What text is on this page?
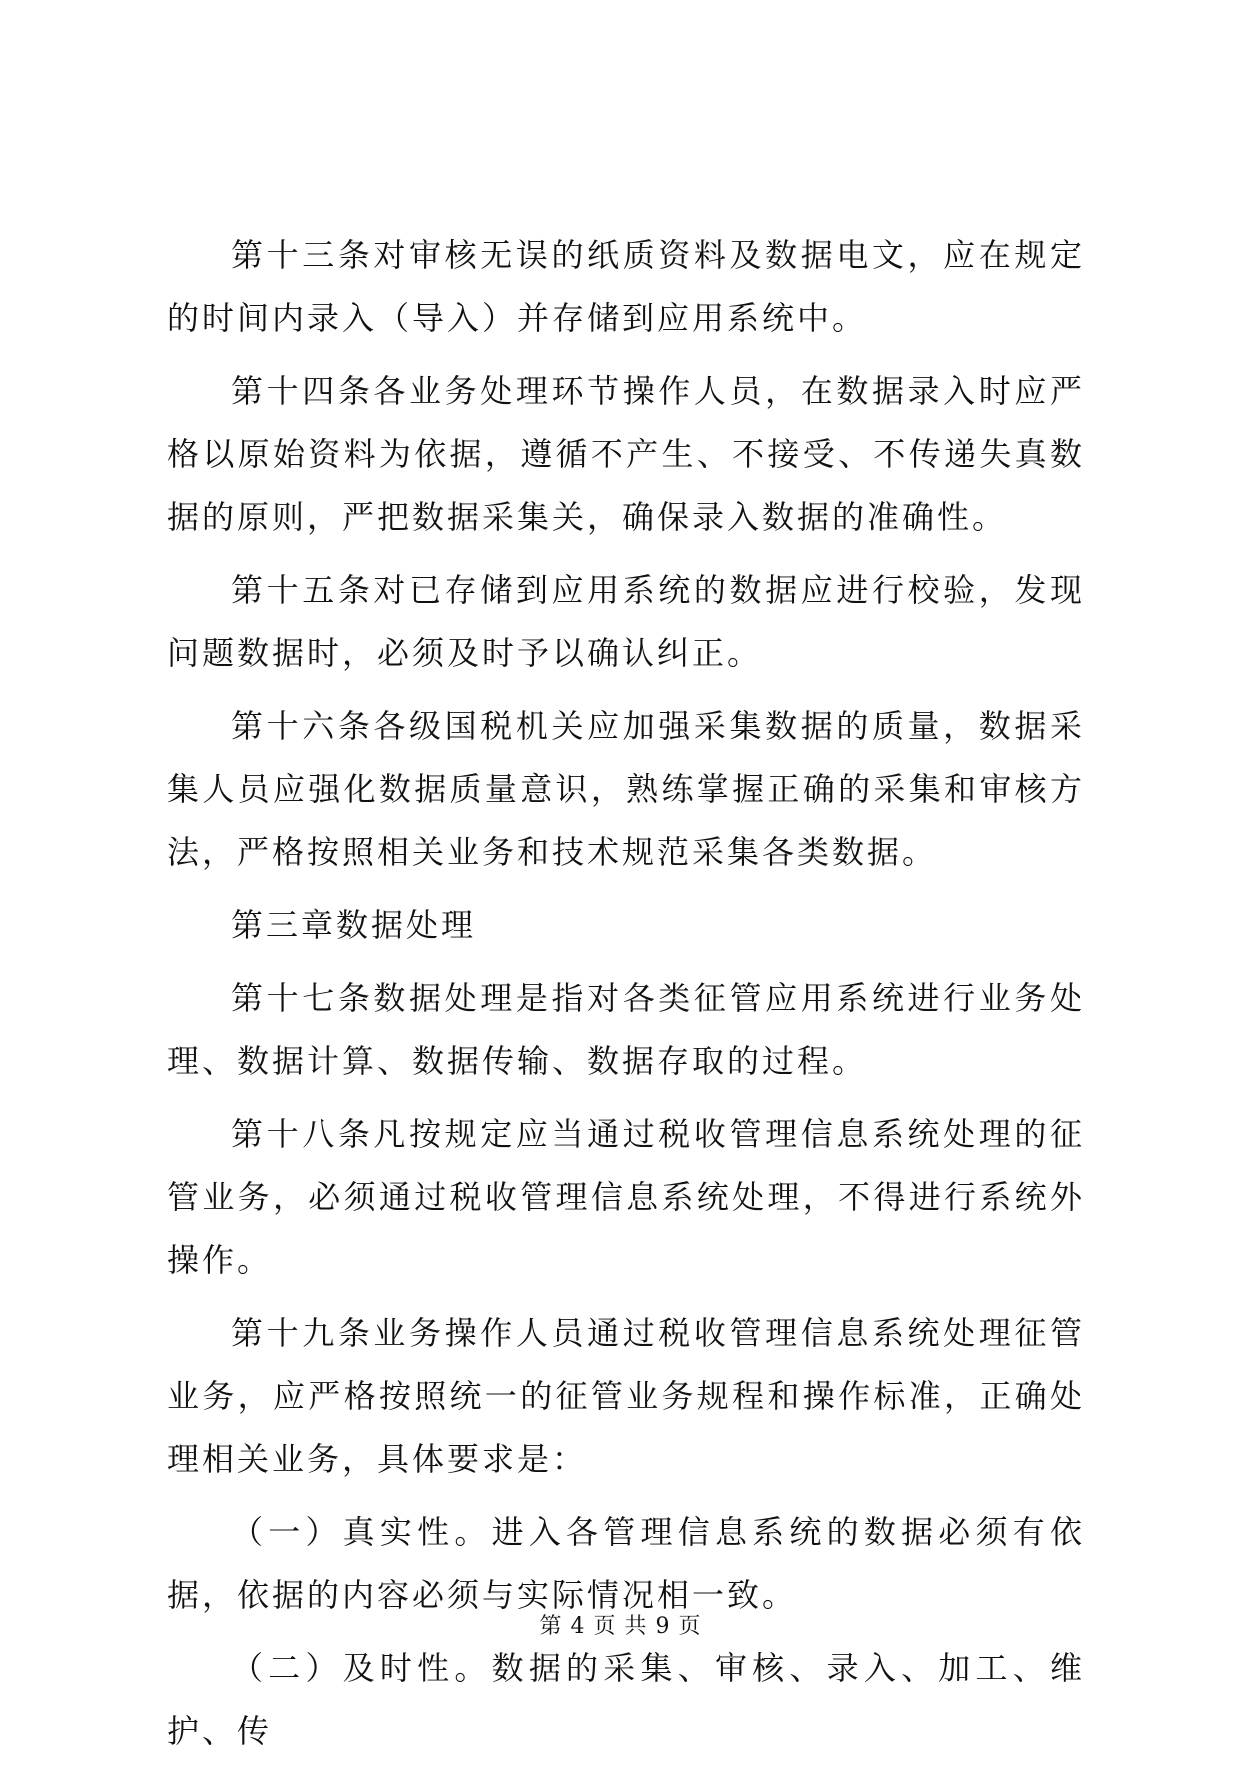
第十三条对审核无误的纸质资料及数据电文，应在规定的时间内录入（导入）并存储到应用系统中。

第十四条各业务处理环节操作人员，在数据录入时应严格以原始资料为依据，遵循不产生、不接受、不传递失真数据的原则，严把数据采集关，确保录入数据的准确性。

第十五条对已存储到应用系统的数据应进行校验，发现问题数据时，必须及时予以确认纠正。

第十六条各级国税机关应加强采集数据的质量，数据采集人员应强化数据质量意识，熟练掌握正确的采集和审核方法，严格按照相关业务和技术规范采集各类数据。

第三章数据处理

第十七条数据处理是指对各类征管应用系统进行业务处理、数据计算、数据传输、数据存取的过程。

第十八条凡按规定应当通过税收管理信息系统处理的征管业务，必须通过税收管理信息系统处理，不得进行系统外操作。

第十九条业务操作人员通过税收管理信息系统处理征管业务，应严格按照统一的征管业务规程和操作标准，正确处理相关业务，具体要求是：

（一）真实性。进入各管理信息系统的数据必须有依据，依据的内容必须与实际情况相一致。

（二）及时性。数据的采集、审核、录入、加工、维护、传

第 4 页 共 9 页
